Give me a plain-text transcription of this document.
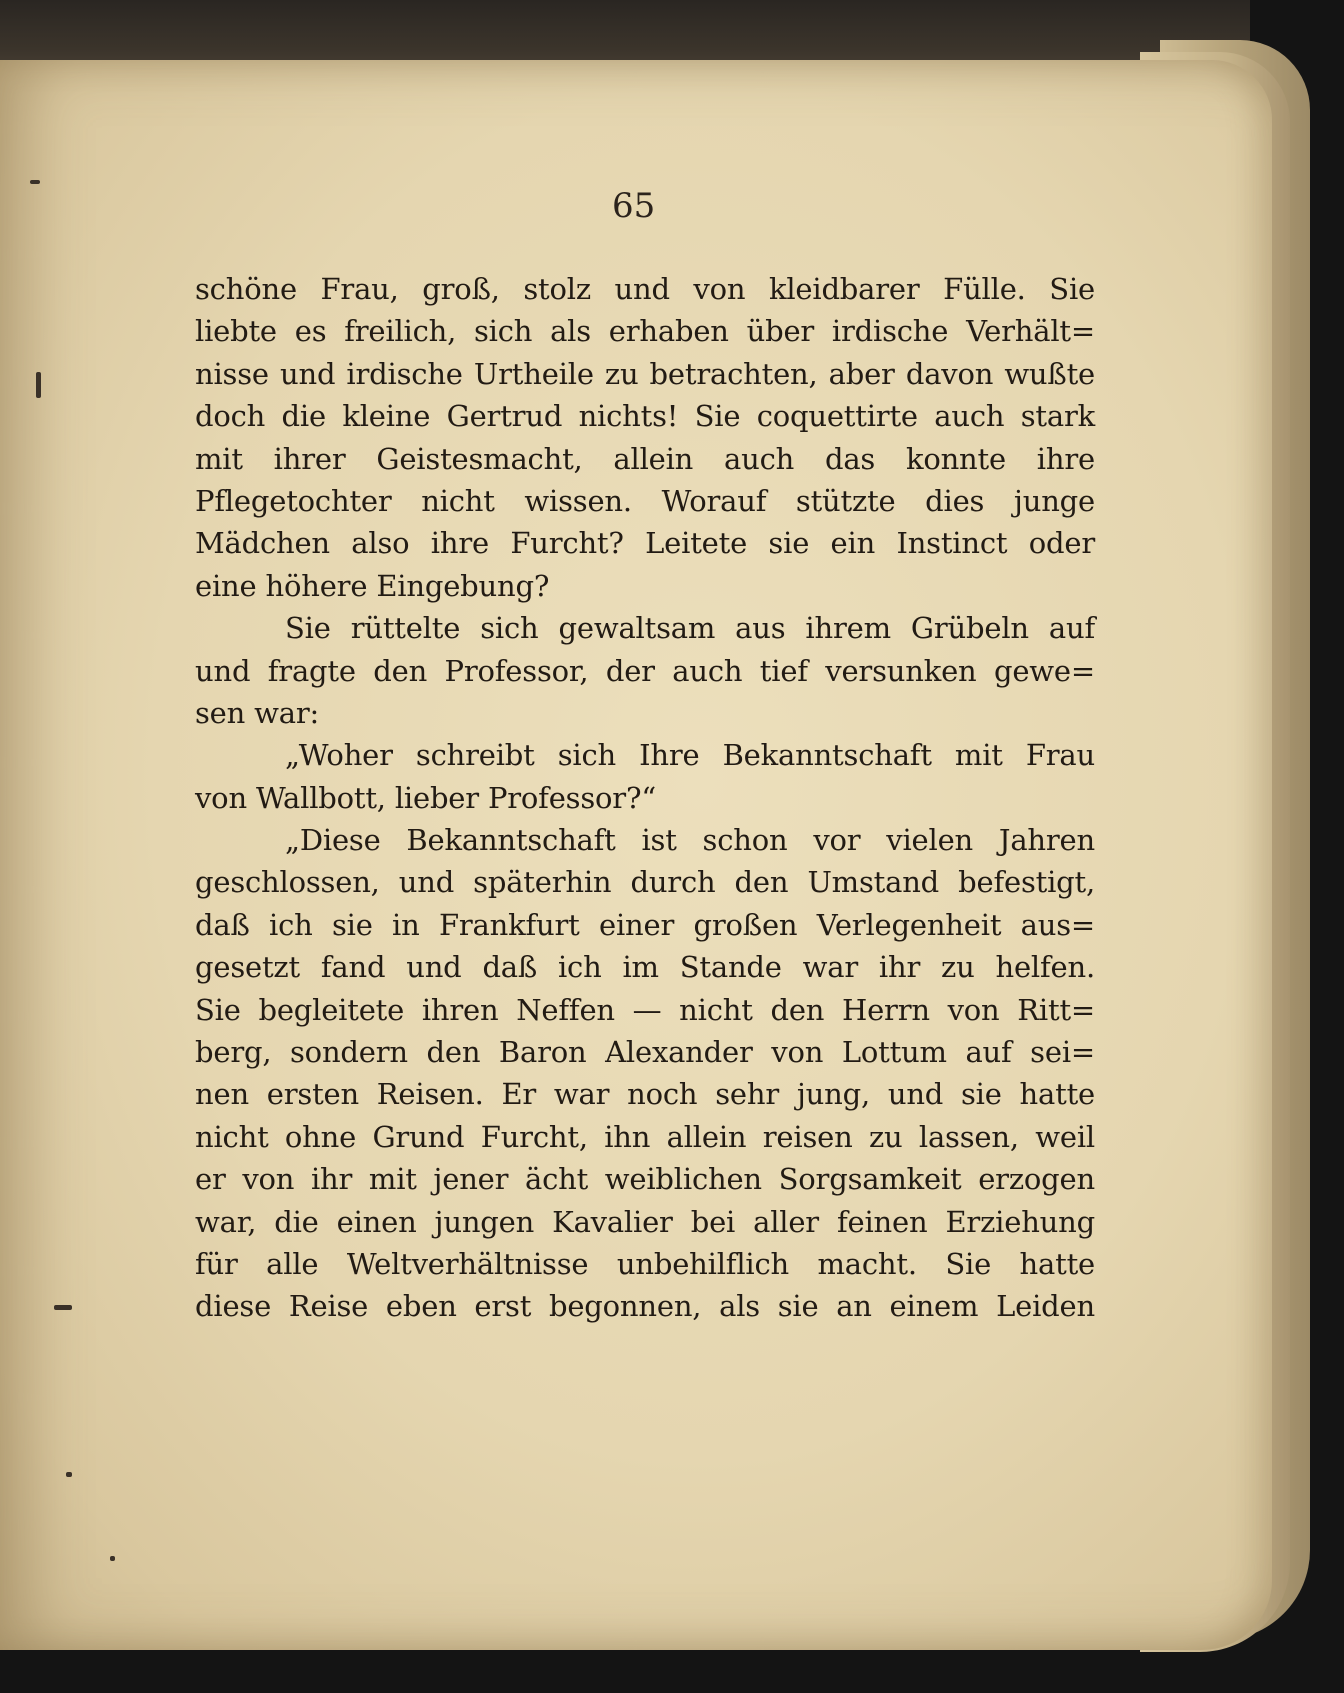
65
schöne Frau, groß, stolz und von kleidbarer Fülle. Sie
liebte es freilich, sich als erhaben über irdische Verhält=
nisse und irdische Urtheile zu betrachten, aber davon wußte
doch die kleine Gertrud nichts! Sie coquettirte auch stark
mit ihrer Geistesmacht, allein auch das konnte ihre
Pflegetochter nicht wissen. Worauf stützte dies junge
Mädchen also ihre Furcht? Leitete sie ein Instinct oder
eine höhere Eingebung?
Sie rüttelte sich gewaltsam aus ihrem Grübeln auf
und fragte den Professor, der auch tief versunken gewe=
sen war:
„Woher schreibt sich Ihre Bekanntschaft mit Frau
von Wallbott, lieber Professor?“
„Diese Bekanntschaft ist schon vor vielen Jahren
geschlossen, und späterhin durch den Umstand befestigt,
daß ich sie in Frankfurt einer großen Verlegenheit aus=
gesetzt fand und daß ich im Stande war ihr zu helfen.
Sie begleitete ihren Neffen — nicht den Herrn von Ritt=
berg, sondern den Baron Alexander von Lottum auf sei=
nen ersten Reisen. Er war noch sehr jung, und sie hatte
nicht ohne Grund Furcht, ihn allein reisen zu lassen, weil
er von ihr mit jener ächt weiblichen Sorgsamkeit erzogen
war, die einen jungen Kavalier bei aller feinen Erziehung
für alle Weltverhältnisse unbehilflich macht. Sie hatte
diese Reise eben erst begonnen, als sie an einem Leiden
